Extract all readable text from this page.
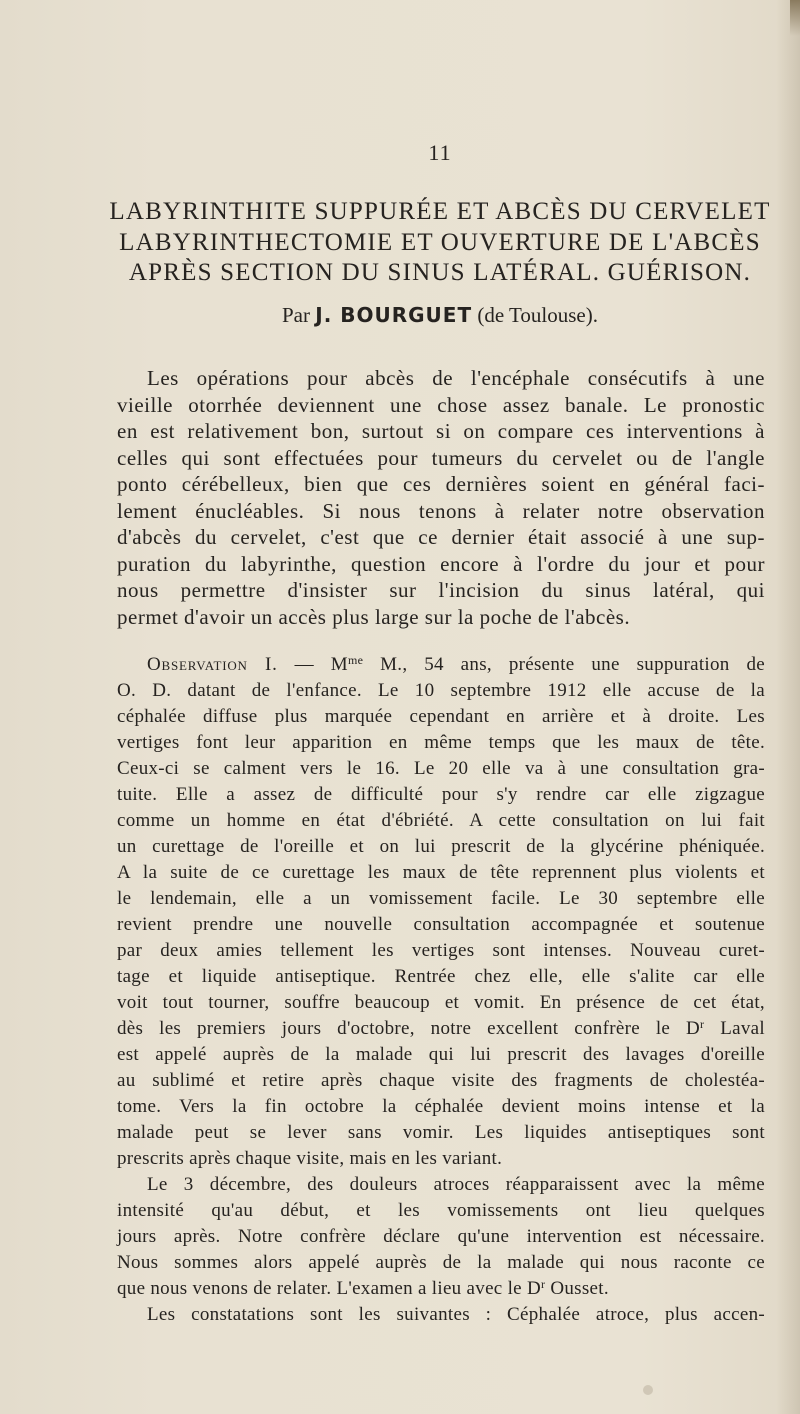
11
LABYRINTHITE SUPPURÉE ET ABCÈS DU CERVELET
LABYRINTHECTOMIE ET OUVERTURE DE L'ABCÈS
APRÈS SECTION DU SINUS LATÉRAL. GUÉRISON.
Par J. BOURGUET (de Toulouse).
Les opérations pour abcès de l'encéphale consécutifs à une
vieille otorrhée deviennent une chose assez banale. Le pronostic
en est relativement bon, surtout si on compare ces interventions à
celles qui sont effectuées pour tumeurs du cervelet ou de l'angle
ponto cérébelleux, bien que ces dernières soient en général faci-
lement énucléables. Si nous tenons à relater notre observation
d'abcès du cervelet, c'est que ce dernier était associé à une sup-
puration du labyrinthe, question encore à l'ordre du jour et pour
nous permettre d'insister sur l'incision du sinus latéral, qui
permet d'avoir un accès plus large sur la poche de l'abcès.
Observation I. — $M^{me}$ M., 54 ans, présente une suppuration de
O. D. datant de l'enfance. Le 10 septembre 1912 elle accuse de la
céphalée diffuse plus marquée cependant en arrière et à droite. Les
vertiges font leur apparition en même temps que les maux de tête.
Ceux-ci se calment vers le 16. Le 20 elle va à une consultation gra-
tuite. Elle a assez de difficulté pour s'y rendre car elle zigzague
comme un homme en état d'ébriété. A cette consultation on lui fait
un curettage de l'oreille et on lui prescrit de la glycérine phéniquée.
A la suite de ce curettage les maux de tête reprennent plus violents et
le lendemain, elle a un vomissement facile. Le 30 septembre elle
revient prendre une nouvelle consultation accompagnée et soutenue
par deux amies tellement les vertiges sont intenses. Nouveau curet-
tage et liquide antiseptique. Rentrée chez elle, elle s'alite car elle
voit tout tourner, souffre beaucoup et vomit. En présence de cet état,
dès les premiers jours d'octobre, notre excellent confrère le $D^r$ Laval
est appelé auprès de la malade qui lui prescrit des lavages d'oreille
au sublimé et retire après chaque visite des fragments de cholestéa-
tome. Vers la fin octobre la céphalée devient moins intense et la
malade peut se lever sans vomir. Les liquides antiseptiques sont
prescrits après chaque visite, mais en les variant.
Le 3 décembre, des douleurs atroces réapparaissent avec la même
intensité qu'au début, et les vomissements ont lieu quelques
jours après. Notre confrère déclare qu'une intervention est nécessaire.
Nous sommes alors appelé auprès de la malade qui nous raconte ce
que nous venons de relater. L'examen a lieu avec le $D^r$ Ousset.
Les constatations sont les suivantes : Céphalée atroce, plus accen-
